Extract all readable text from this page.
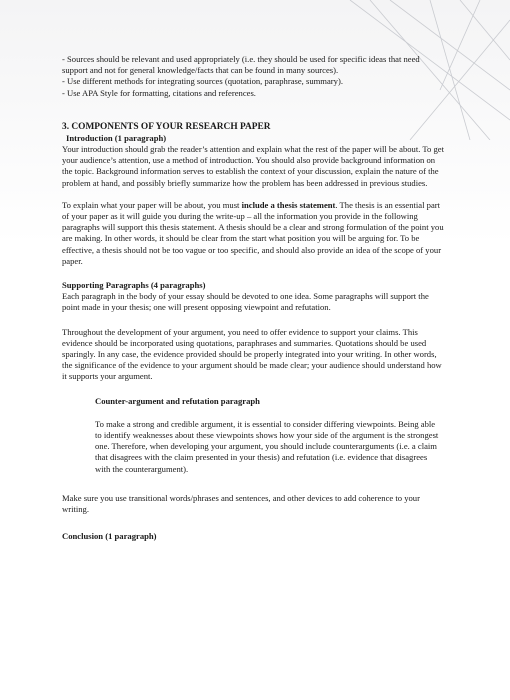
- Sources should be relevant and used appropriately (i.e. they should be used for specific ideas that need support and not for general knowledge/facts that can be found in many sources).
- Use different methods for integrating sources (quotation, paraphrase, summary).
- Use APA Style for formatting, citations and references.
3. COMPONENTS OF YOUR RESEARCH PAPER

Introduction (1 paragraph)

Your introduction should grab the reader’s attention and explain what the rest of the paper will be about. To get your audience’s attention, use a method of introduction. You should also provide background information on the topic. Background information serves to establish the context of your discussion, explain the nature of the problem at hand, and possibly briefly summarize how the problem has been addressed in previous studies.

To explain what your paper will be about, you must include a thesis statement. The thesis is an essential part of your paper as it will guide you during the write-up – all the information you provide in the following paragraphs will support this thesis statement. A thesis should be a clear and strong formulation of the point you are making. In other words, it should be clear from the start what position you will be arguing for. To be effective, a thesis should not be too vague or too specific, and should also provide an idea of the scope of your paper.

Supporting Paragraphs (4 paragraphs)

Each paragraph in the body of your essay should be devoted to one idea. Some paragraphs will support the point made in your thesis; one will present opposing viewpoint and refutation.

Throughout the development of your argument, you need to offer evidence to support your claims. This evidence should be incorporated using quotations, paraphrases and summaries. Quotations should be used sparingly. In any case, the evidence provided should be properly integrated into your writing. In other words, the significance of the evidence to your argument should be made clear; your audience should understand how it supports your argument.

Counter-argument and refutation paragraph

To make a strong and credible argument, it is essential to consider differing viewpoints. Being able to identify weaknesses about these viewpoints shows how your side of the argument is the strongest one. Therefore, when developing your argument, you should include counterarguments (i.e. a claim that disagrees with the claim presented in your thesis) and refutation (i.e. evidence that disagrees with the counterargument).

Make sure you use transitional words/phrases and sentences, and other devices to add coherence to your writing.

Conclusion (1 paragraph)
